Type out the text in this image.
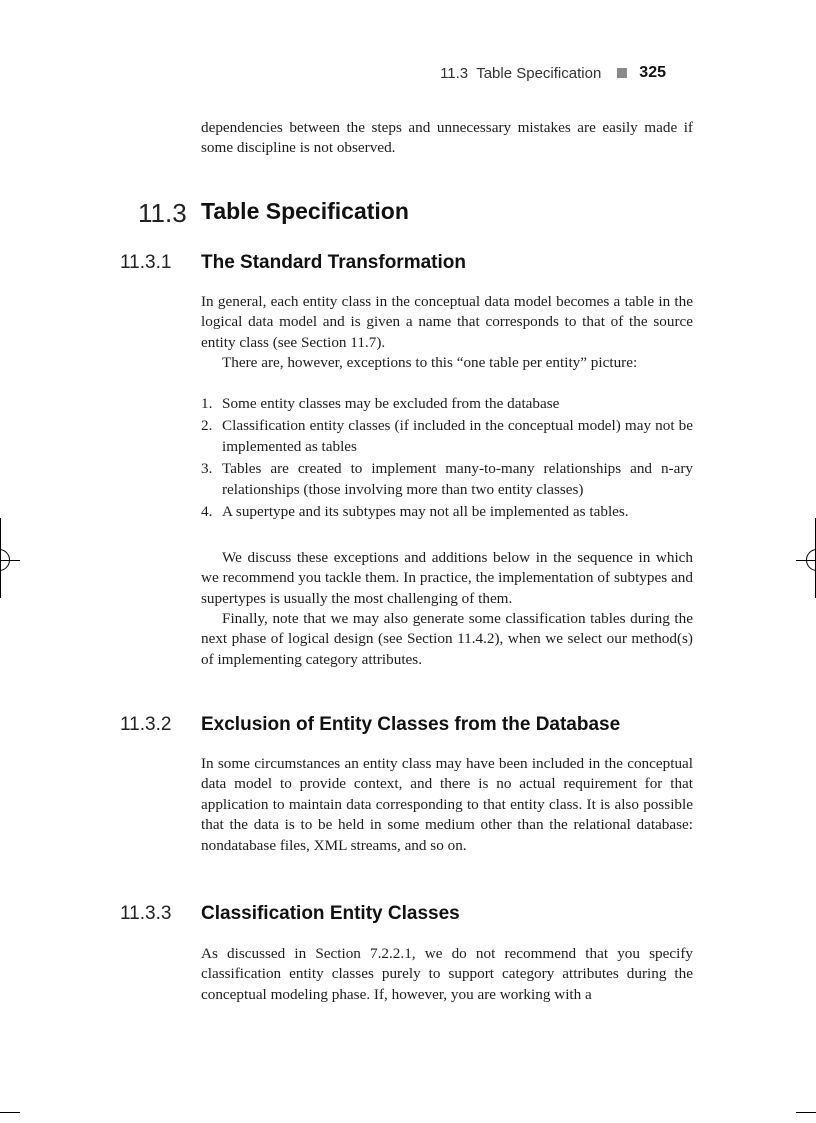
11.3  Table Specification 325

dependencies between the steps and unnecessary mistakes are easily made if some discipline is not observed.

11.3 Table Specification
11.3.1 The Standard Transformation

In general, each entity class in the conceptual data model becomes a table in the logical data model and is given a name that corresponds to that of the source entity class (see Section 11.7).

There are, however, exceptions to this “one table per entity” picture:

1. Some entity classes may be excluded from the database
2. Classification entity classes (if included in the conceptual model) may not be implemented as tables
3. Tables are created to implement many-to-many relationships and n-ary relationships (those involving more than two entity classes)
4. A supertype and its subtypes may not all be implemented as tables.

We discuss these exceptions and additions below in the sequence in which we recommend you tackle them. In practice, the implementation of subtypes and supertypes is usually the most challenging of them.

Finally, note that we may also generate some classification tables during the next phase of logical design (see Section 11.4.2), when we select our method(s) of implementing category attributes.

11.3.2 Exclusion of Entity Classes from the Database

In some circumstances an entity class may have been included in the conceptual data model to provide context, and there is no actual requirement for that application to maintain data corresponding to that entity class. It is also possible that the data is to be held in some medium other than the relational database: nondatabase files, XML streams, and so on.

11.3.3 Classification Entity Classes

As discussed in Section 7.2.2.1, we do not recommend that you specify classification entity classes purely to support category attributes during the conceptual modeling phase. If, however, you are working with a
